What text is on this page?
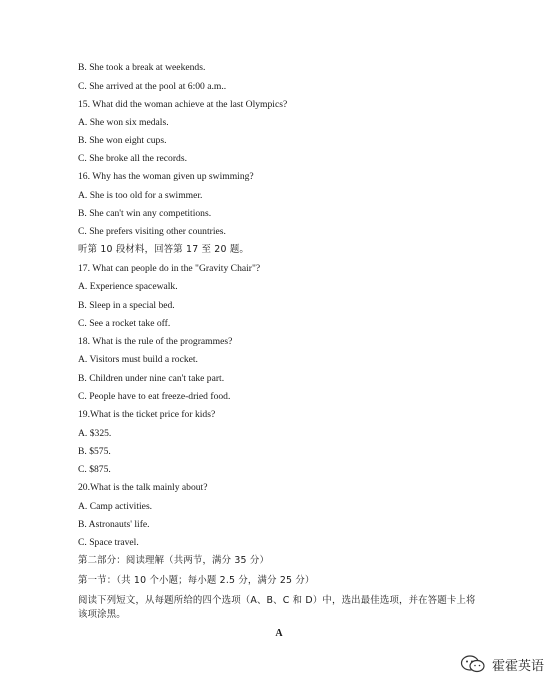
B. She took a break at weekends.
C. She arrived at the pool at 6:00 a.m..
15. What did the woman achieve at the last Olympics?
A. She won six medals.
B. She won eight cups.
C. She broke all the records.
16. Why has the woman given up swimming?
A. She is too old for a swimmer.
B. She can't win any competitions.
C. She prefers visiting other countries.
听第 10 段材料，回答第 17 至 20 题。
17. What can people do in the "Gravity Chair"?
A. Experience spacewalk.
B. Sleep in a special bed.
C. See a rocket take off.
18. What is the rule of the programmes?
A. Visitors must build a rocket.
B. Children under nine can't take part.
C. People have to eat freeze-dried food.
19.What is the ticket price for kids?
A. $325.
B. $575.
C. $875.
20.What is the talk mainly about?
A. Camp activities.
B. Astronauts' life.
C. Space travel.
第二部分：阅读理解（共两节，满分 35 分）
第一节：（共 10 个小题；每小题 2.5 分，满分 25 分）
阅读下列短文，从每题所给的四个选项（A、B、C 和 D）中，选出最佳选项，并在答题卡上将该项涂黑。
A
霍霍英语
